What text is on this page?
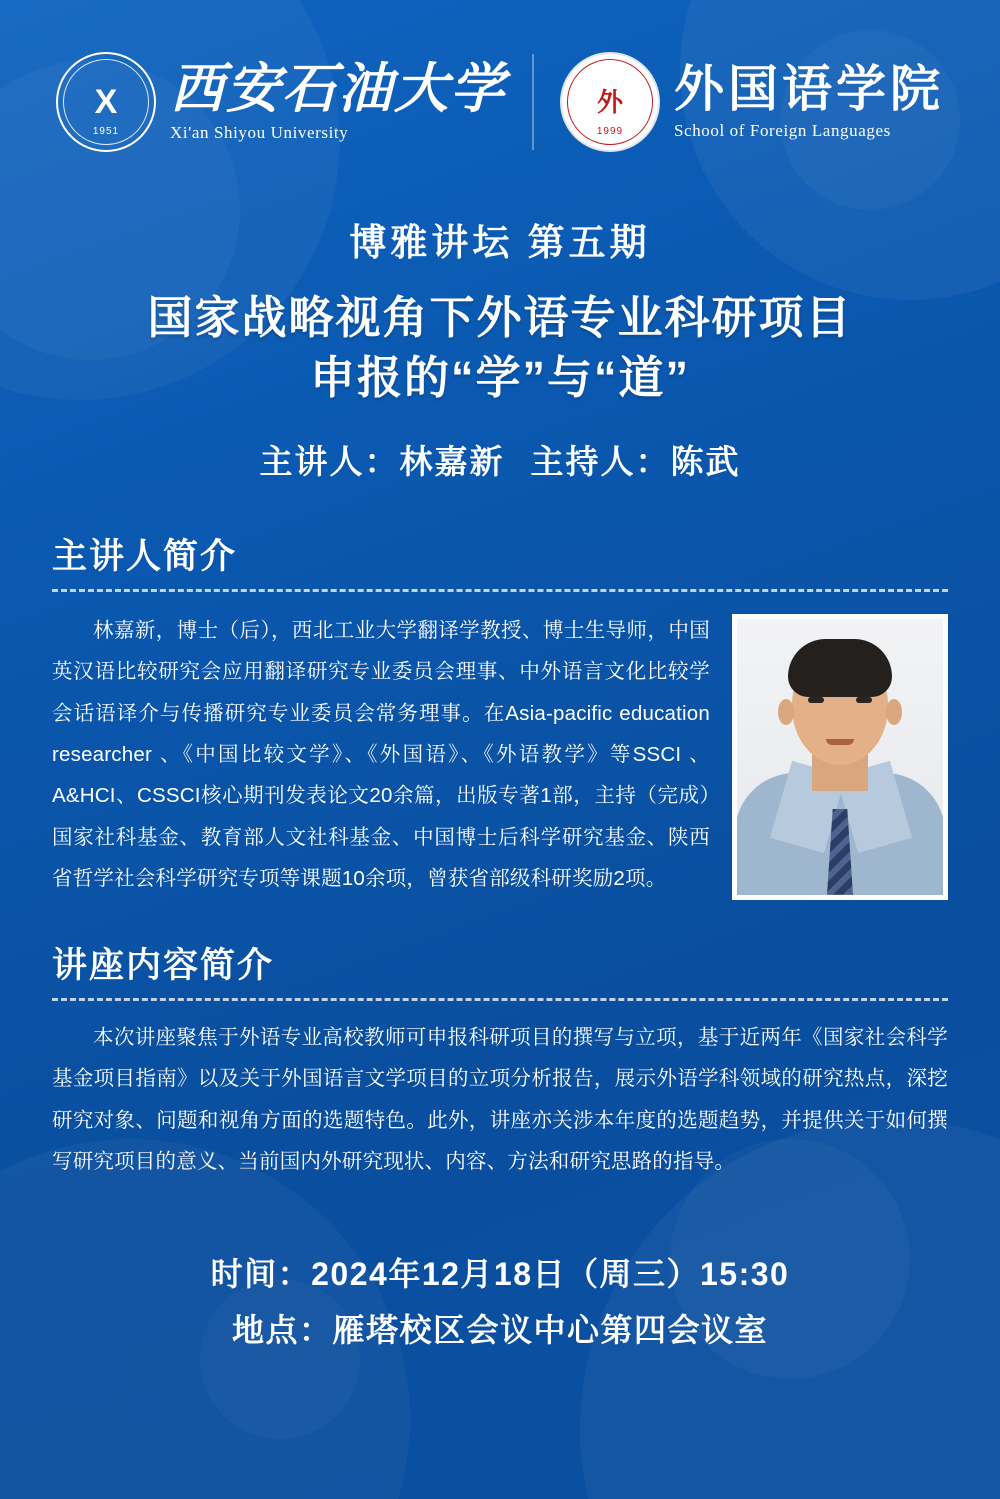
X
1951
西安石油大学
Xi'an Shiyou University
外
1999
外国语学院
School of Foreign Languages
博雅讲坛 第五期
国家战略视角下外语专业科研项目
申报的“学”与“道”
主讲人：林嘉新 主持人：陈武
主讲人简介
林嘉新，博士（后），西北工业大学翻译学教授、博士生导师，中国英汉语比较研究会应用翻译研究专业委员会理事、中外语言文化比较学会话语译介与传播研究专业委员会常务理事。在Asia-pacific education researcher 、《中国比较文学》、《外国语》、《外语教学》等SSCI 、A&HCI、CSSCI核心期刊发表论文20余篇，出版专著1部，主持（完成）国家社科基金、教育部人文社科基金、中国博士后科学研究基金、陕西省哲学社会科学研究专项等课题10余项，曾获省部级科研奖励2项。
讲座内容简介
本次讲座聚焦于外语专业高校教师可申报科研项目的撰写与立项，基于近两年《国家社会科学基金项目指南》以及关于外国语言文学项目的立项分析报告，展示外语学科领域的研究热点，深挖研究对象、问题和视角方面的选题特色。此外，讲座亦关涉本年度的选题趋势，并提供关于如何撰写研究项目的意义、当前国内外研究现状、内容、方法和研究思路的指导。
时间：2024年12月18日（周三）15:30
地点：雁塔校区会议中心第四会议室
